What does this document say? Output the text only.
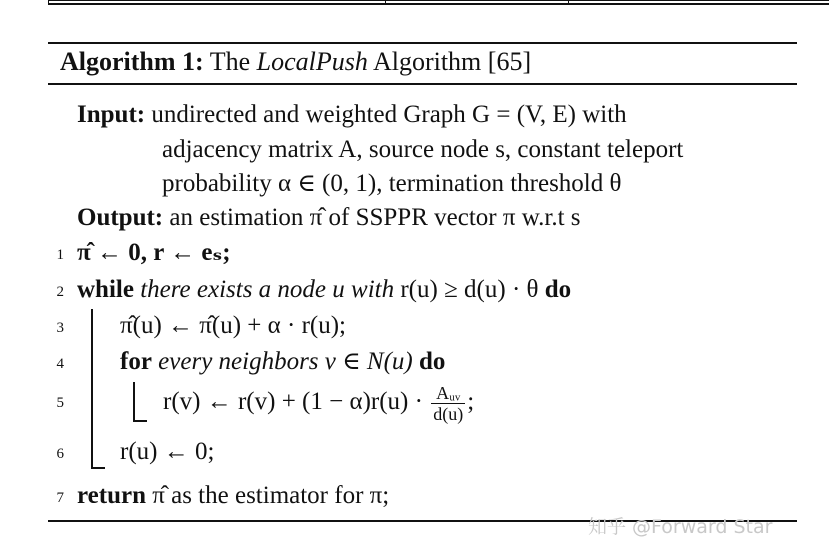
Algorithm 1: The LocalPush Algorithm [65]
Input: undirected and weighted Graph G = (V, E) with
adjacency matrix A, source node s, constant teleport
probability α ∈ (0, 1), termination threshold θ
Output: an estimation π̂ of SSPPR vector π w.r.t s
1 π̂ ← 0, r ← eₛ;
2 while there exists a node u with r(u) ≥ d(u) · θ do
3 π̂(u) ← π̂(u) + α · r(u);
4 for every neighbors v ∈ N(u) do
5	r(v) ← $r(v) + (1 - \alpha)r(u) \cdot \frac{\text{Aᵤᵥ}}{d(u)}$ ;
6 r(u) ← 0;
7 return π̂ as the estimator for π;
知乎 @Forward Star
